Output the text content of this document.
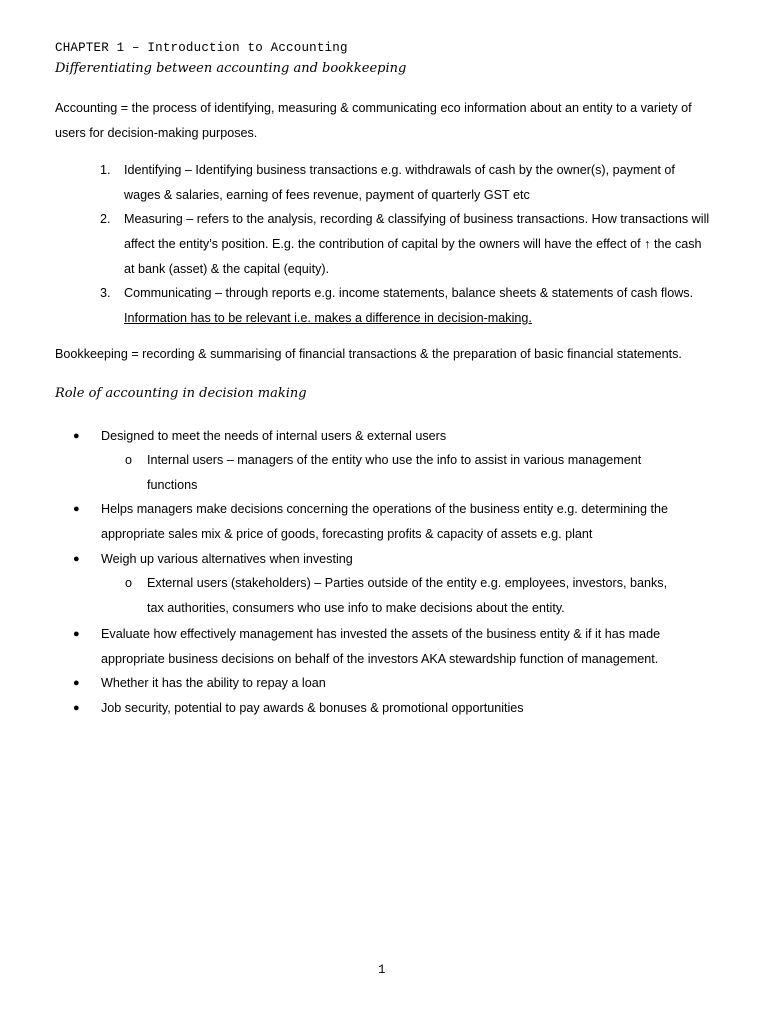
CHAPTER 1 – Introduction to Accounting
Differentiating between accounting and bookkeeping
Accounting = the process of identifying, measuring & communicating eco information about an entity to a variety of users for decision-making purposes.
1.	Identifying – Identifying business transactions e.g. withdrawals of cash by the owner(s), payment of wages & salaries, earning of fees revenue, payment of quarterly GST etc
2.	Measuring – refers to the analysis, recording & classifying of business transactions. How transactions will affect the entity’s position. E.g. the contribution of capital by the owners will have the effect of ↑ the cash at bank (asset) & the capital (equity).
3.	Communicating – through reports e.g. income statements, balance sheets & statements of cash flows. Information has to be relevant i.e. makes a difference in decision-making.
Bookkeeping = recording & summarising of financial transactions & the preparation of basic financial statements.
Role of accounting in decision making
●	Designed to meet the needs of internal users & external users
o	Internal users – managers of the entity who use the info to assist in various management functions
●	Helps managers make decisions concerning the operations of the business entity e.g. determining the appropriate sales mix & price of goods, forecasting profits & capacity of assets e.g. plant
●	Weigh up various alternatives when investing
o	External users (stakeholders) – Parties outside of the entity e.g. employees, investors, banks, tax authorities, consumers who use info to make decisions about the entity.
●	Evaluate how effectively management has invested the assets of the business entity & if it has made appropriate business decisions on behalf of the investors AKA stewardship function of management.
●	Whether it has the ability to repay a loan
●	Job security, potential to pay awards & bonuses & promotional opportunities
1
